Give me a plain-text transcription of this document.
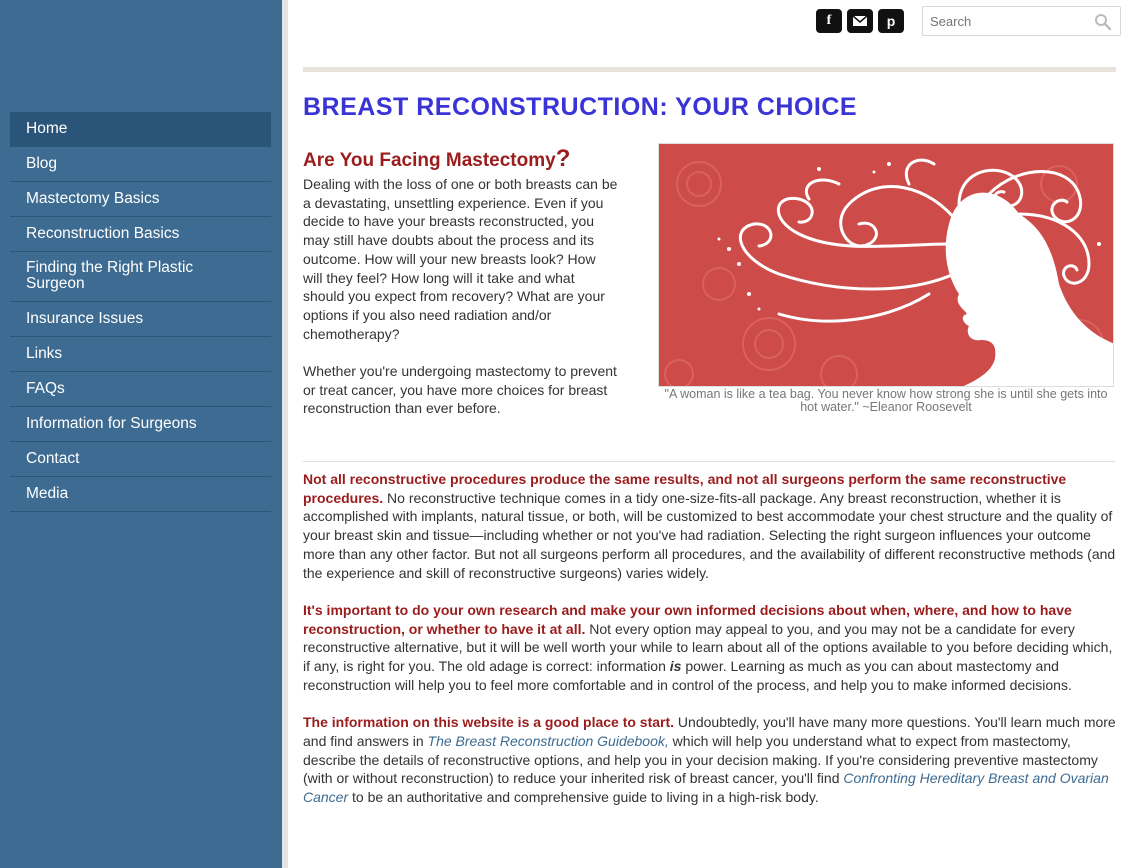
Home
Blog
Mastectomy Basics
Reconstruction Basics
Finding the Right Plastic Surgeon
Insurance Issues
Links
FAQs
Information for Surgeons
Contact
Media
f	p
Search
BREAST RECONSTRUCTION: YOUR CHOICE
Are You Facing Mastectomy?

Dealing with the loss of one or both breasts can be a devastating, unsettling experience. Even if you decide to have your breasts reconstructed, you may still have doubts about the process and its outcome. How will your new breasts look? How will they feel? How long will it take and what should you expect from recovery? What are your options if you also need radiation and/or chemotherapy?

Whether you're undergoing mastectomy to prevent or treat cancer, you have more choices for breast reconstruction than ever before.

"A woman is like a tea bag. You never know how strong she is until she gets into hot water." ~Eleanor Roosevelt

Not all reconstructive procedures produce the same results, and not all surgeons perform the same reconstructive procedures. No reconstructive technique comes in a tidy one-size-fits-all package. Any breast reconstruction, whether it is accomplished with implants, natural tissue, or both, will be customized to best accommodate your chest structure and the quality of your breast skin and tissue—including whether or not you've had radiation. Selecting the right surgeon influences your outcome more than any other factor. But not all surgeons perform all procedures, and the availability of different reconstructive methods (and the experience and skill of reconstructive surgeons) varies widely.

It's important to do your own research and make your own informed decisions about when, where, and how to have reconstruction, or whether to have it at all. Not every option may appeal to you, and you may not be a candidate for every reconstructive alternative, but it will be well worth your while to learn about all of the options available to you before deciding which, if any, is right for you. The old adage is correct: information is power. Learning as much as you can about mastectomy and reconstruction will help you to feel more comfortable and in control of the process, and help you to make informed decisions.

The information on this website is a good place to start. Undoubtedly, you'll have many more questions. You'll learn much more and find answers in The Breast Reconstruction Guidebook, which will help you understand what to expect from mastectomy, describe the details of reconstructive options, and help you in your decision making. If you're considering preventive mastectomy (with or without reconstruction) to reduce your inherited risk of breast cancer, you'll find Confronting Hereditary Breast and Ovarian Cancer to be an authoritative and comprehensive guide to living in a high-risk body.
